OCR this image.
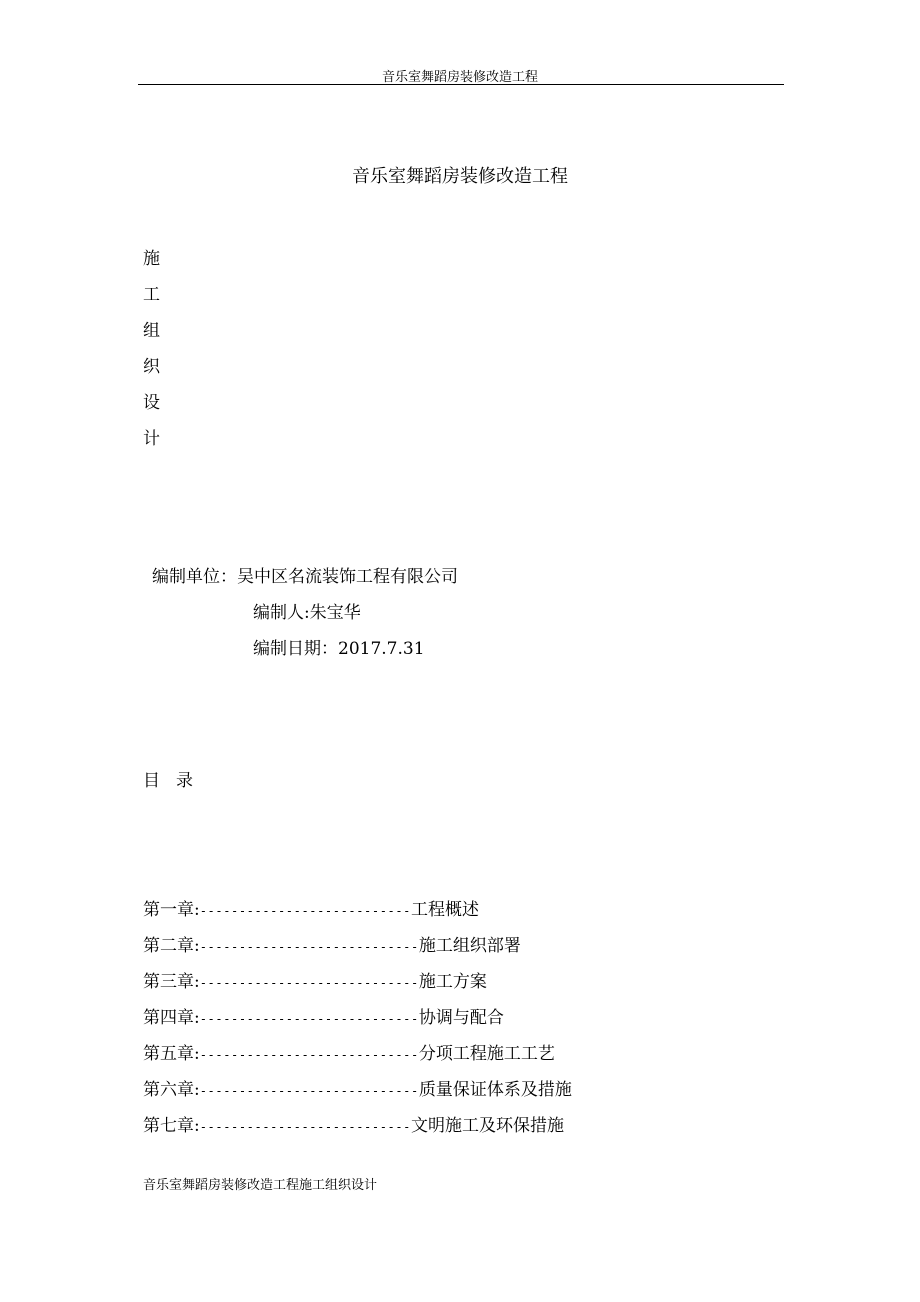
音乐室舞蹈房装修改造工程
音乐室舞蹈房装修改造工程
施
工
组
织
设
计
编制单位：吴中区名流装饰工程有限公司
编制人:朱宝华
编制日期：2017.7.31
目录
第一章:---------------------------工程概述
第二章:----------------------------施工组织部署
第三章:----------------------------施工方案
第四章:----------------------------协调与配合
第五章:----------------------------分项工程施工工艺
第六章:----------------------------质量保证体系及措施
第七章:---------------------------文明施工及环保措施
音乐室舞蹈房装修改造工程施工组织设计
